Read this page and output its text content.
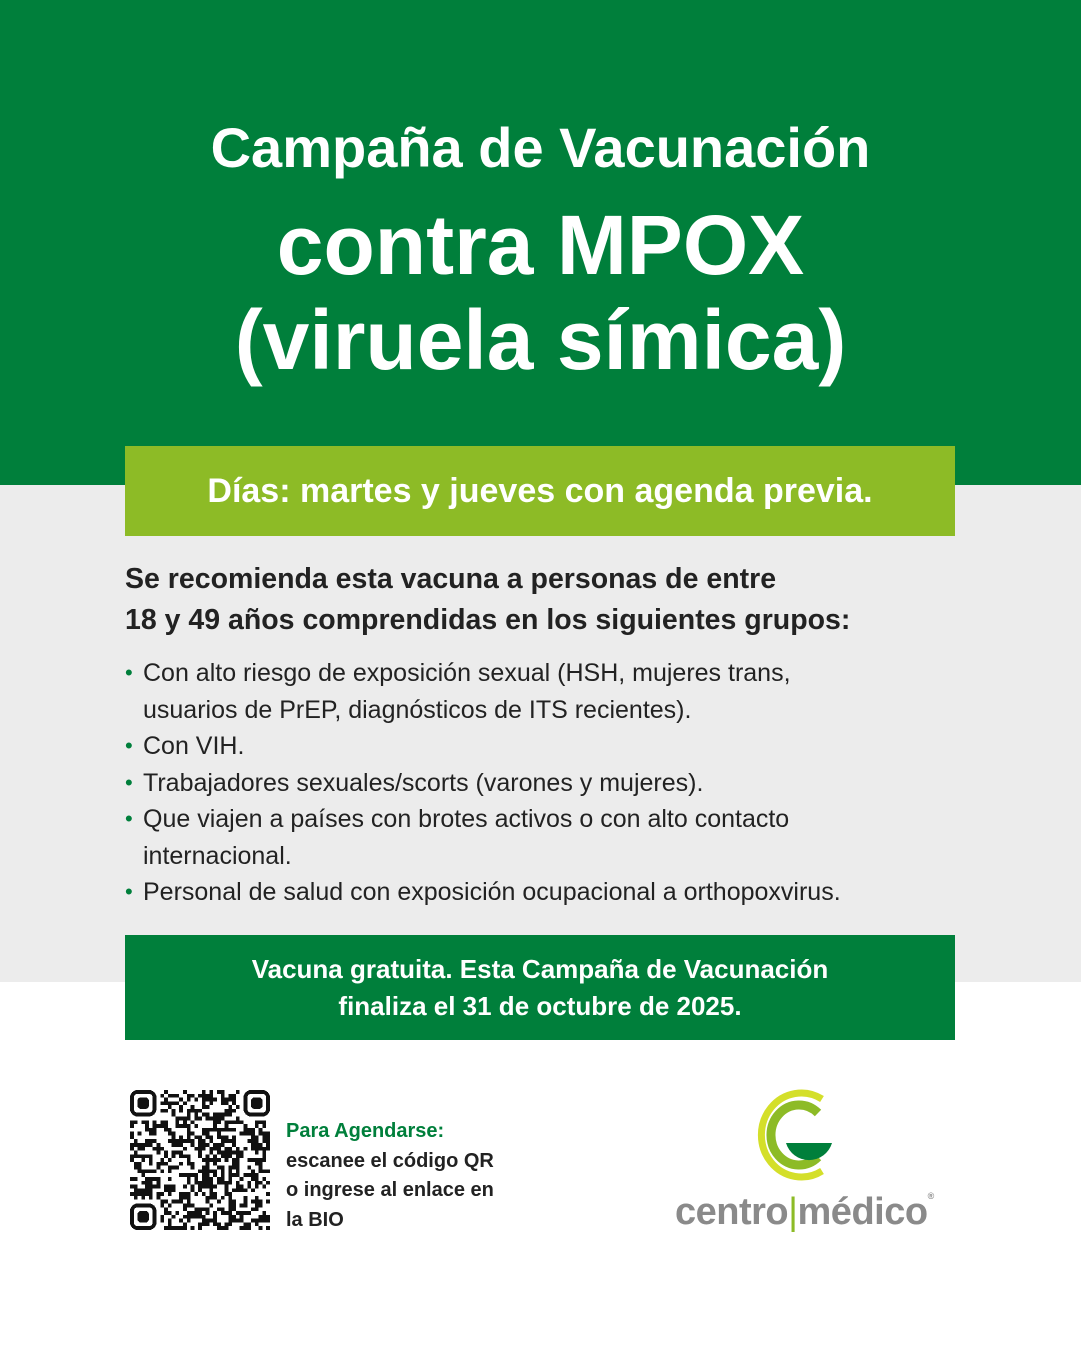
Campaña de Vacunación
contra MPOX
(viruela símica)
Días: martes y jueves con agenda previa.
Se recomienda esta vacuna a personas de entre
18 y 49 años comprendidas en los siguientes grupos:
• Con alto riesgo de exposición sexual (HSH, mujeres trans,
usuarios de PrEP, diagnósticos de ITS recientes).
• Con VIH.
• Trabajadores sexuales/scorts (varones y mujeres).
• Que viajen a países con brotes activos o con alto contacto
internacional.
• Personal de salud con exposición ocupacional a orthopoxvirus.
Vacuna gratuita. Esta Campaña de Vacunación
finaliza el 31 de octubre de 2025.
Para Agendarse:
escanee el código QR
o ingrese al enlace en
la BIO	centro|médico®
